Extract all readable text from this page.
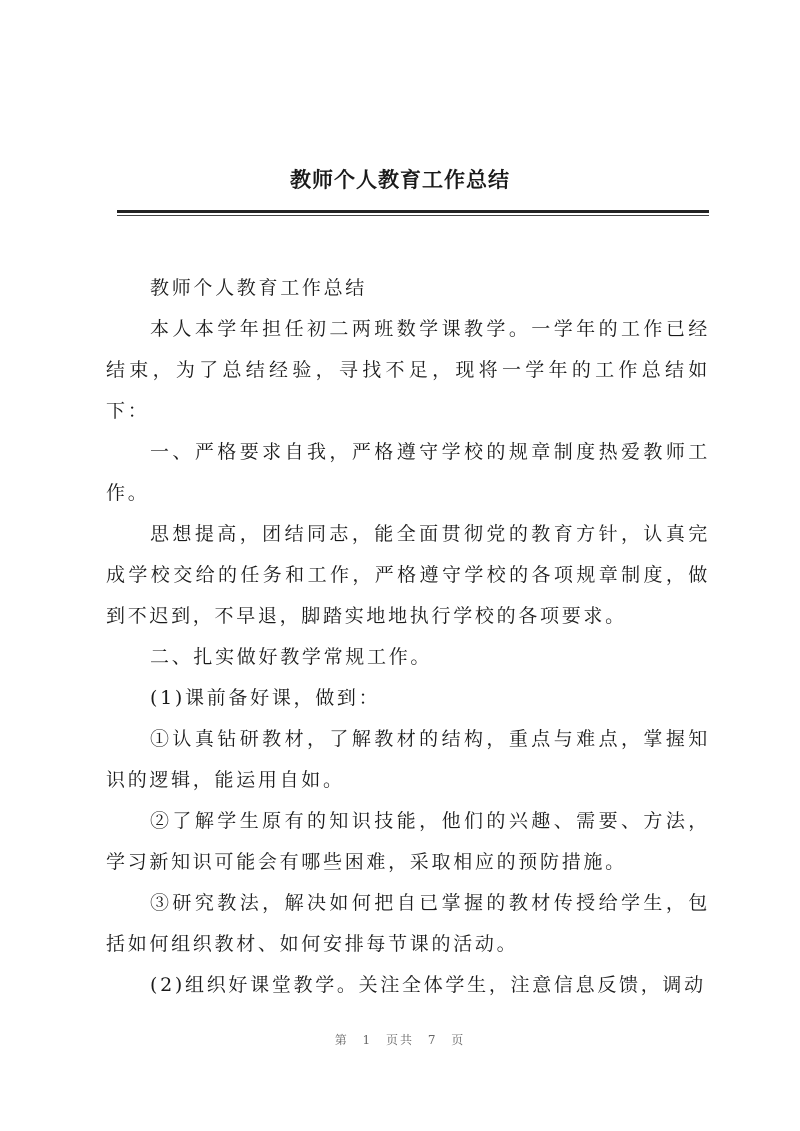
教师个人教育工作总结

教师个人教育工作总结

本人本学年担任初二两班数学课教学。一学年的工作已经结束，为了总结经验，寻找不足，现将一学年的工作总结如下：

一、严格要求自我，严格遵守学校的规章制度热爱教师工作。

思想提高，团结同志，能全面贯彻党的教育方针，认真完成学校交给的任务和工作，严格遵守学校的各项规章制度，做到不迟到，不早退，脚踏实地地执行学校的各项要求。

二、扎实做好教学常规工作。

(1)课前备好课，做到：

①认真钻研教材，了解教材的结构，重点与难点，掌握知识的逻辑，能运用自如。

②了解学生原有的知识技能，他们的兴趣、需要、方法，学习新知识可能会有哪些困难，采取相应的预防措施。

③研究教法，解决如何把自已掌握的教材传授给学生，包括如何组织教材、如何安排每节课的活动。

(2)组织好课堂教学。关注全体学生，注意信息反馈，调动

第 1 页共 7 页
